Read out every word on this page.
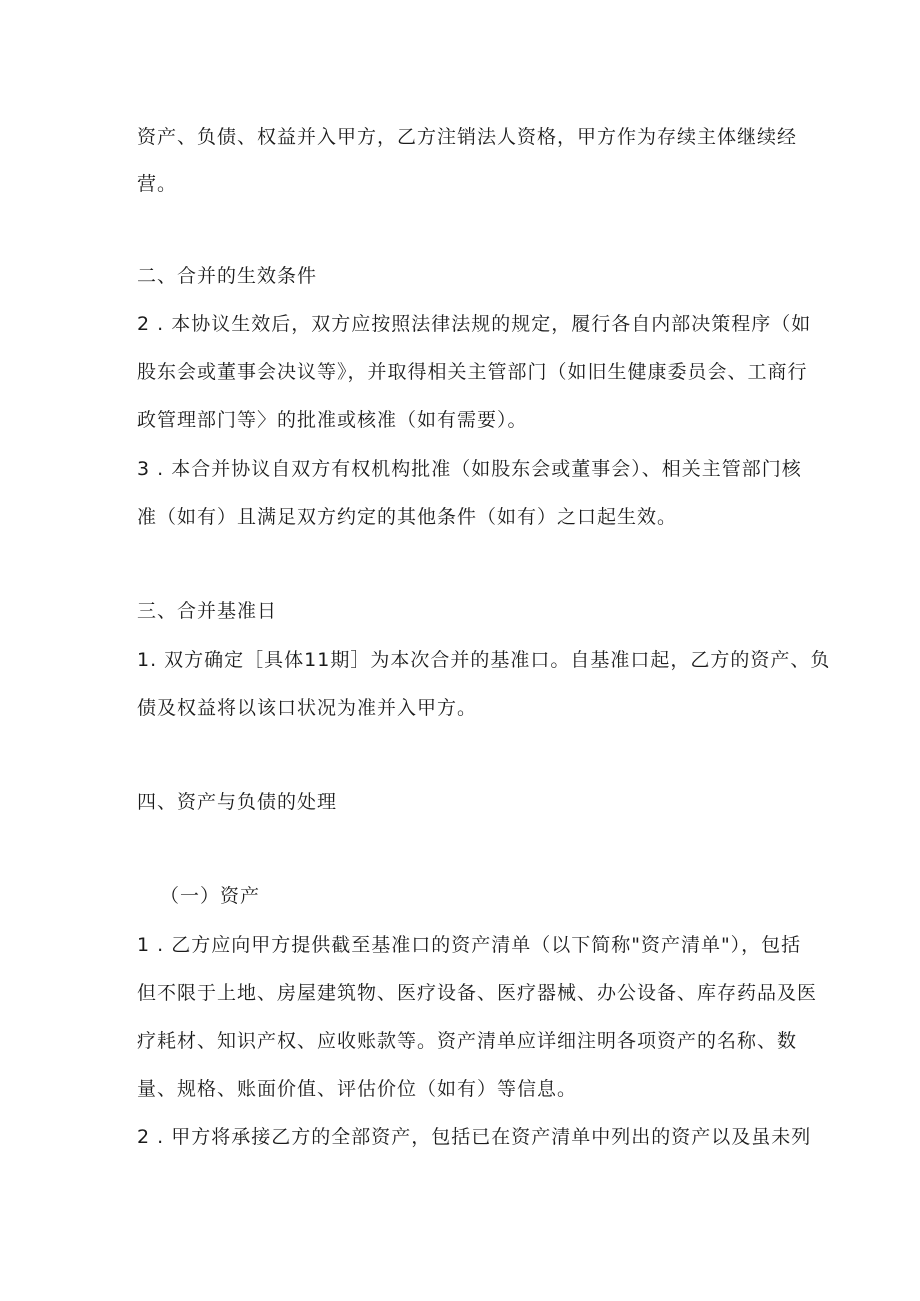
资产、负债、权益并入甲方，乙方注销法人资格，甲方作为存续主体继续经
营。
二、合并的生效条件
2 . 本协议生效后，双方应按照法律法规的规定，履行各自内部决策程序（如
股东会或董事会决议等》，并取得相关主管部门（如旧生健康委员会、工商行
政管理部门等〉的批准或核准（如有需要）。
3 . 本合并协议自双方有权机构批准（如股东会或董事会）、相关主管部门核
准（如有）且满足双方约定的其他条件（如有）之口起生效。
三、合并基准日
1. 双方确定［具体11期］为本次合并的基准口。自基准口起，乙方的资产、负
债及权益将以该口状况为准并入甲方。
四、资产与负债的处理
（一）资产
1 . 乙方应向甲方提供截至基准口的资产清单（以下简称"资产清单"），包括
但不限于上地、房屋建筑物、医疗设备、医疗器械、办公设备、库存药品及医
疗耗材、知识产权、应收账款等。资产清单应详细注明各项资产的名称、数
量、规格、账面价值、评估价位（如有）等信息。
2 . 甲方将承接乙方的全部资产，包括已在资产清单中列出的资产以及虽未列
